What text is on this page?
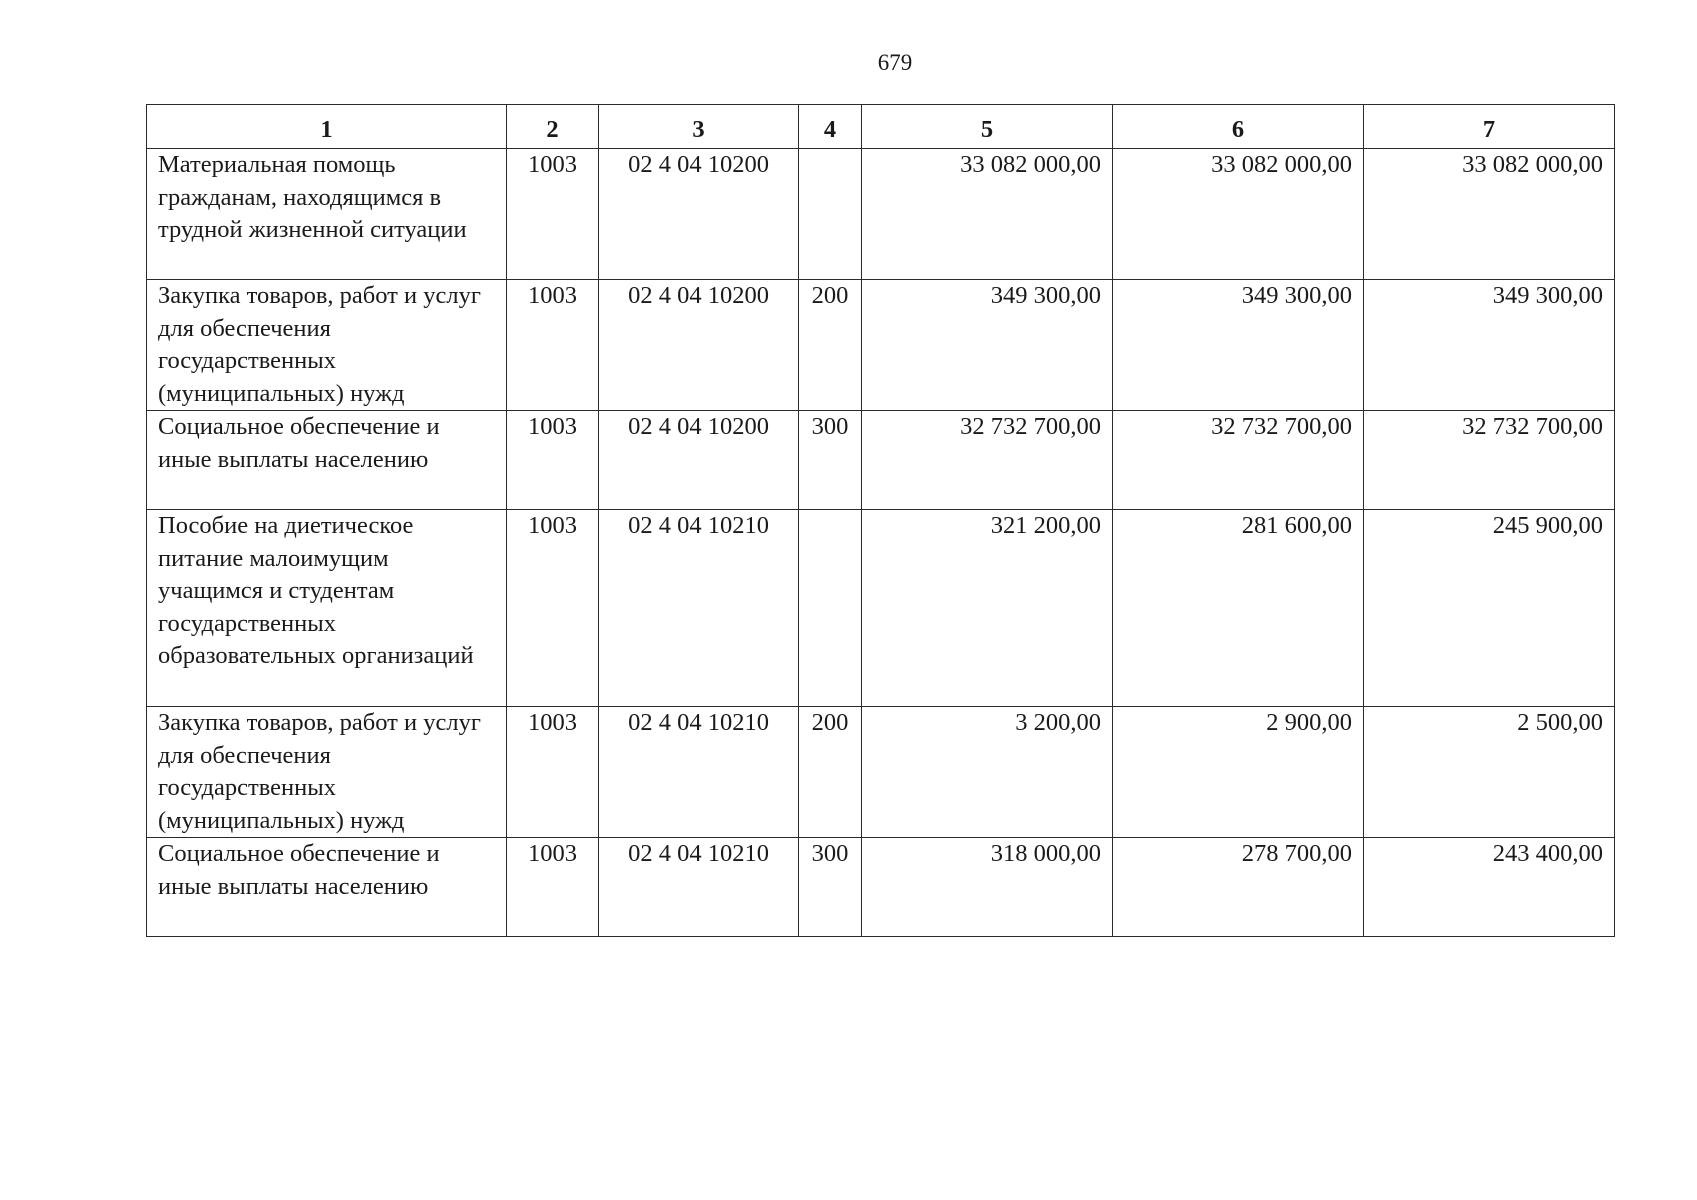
679
1	2	3	4	5	6	7
Материальная помощь гражданам, находящимся в трудной жизненной ситуации	1003	02 4 04 10200		33 082 000,00	33 082 000,00	33 082 000,00
Закупка товаров, работ и услуг для обеспечения государственных (муниципальных) нужд	1003	02 4 04 10200	200	349 300,00	349 300,00	349 300,00
Социальное обеспечение и иные выплаты населению	1003	02 4 04 10200	300	32 732 700,00	32 732 700,00	32 732 700,00
Пособие на диетическое питание малоимущим учащимся и студентам государственных образовательных организаций	1003	02 4 04 10210		321 200,00	281 600,00	245 900,00
Закупка товаров, работ и услуг для обеспечения государственных (муниципальных) нужд	1003	02 4 04 10210	200	3 200,00	2 900,00	2 500,00
Социальное обеспечение и иные выплаты населению	1003	02 4 04 10210	300	318 000,00	278 700,00	243 400,00
